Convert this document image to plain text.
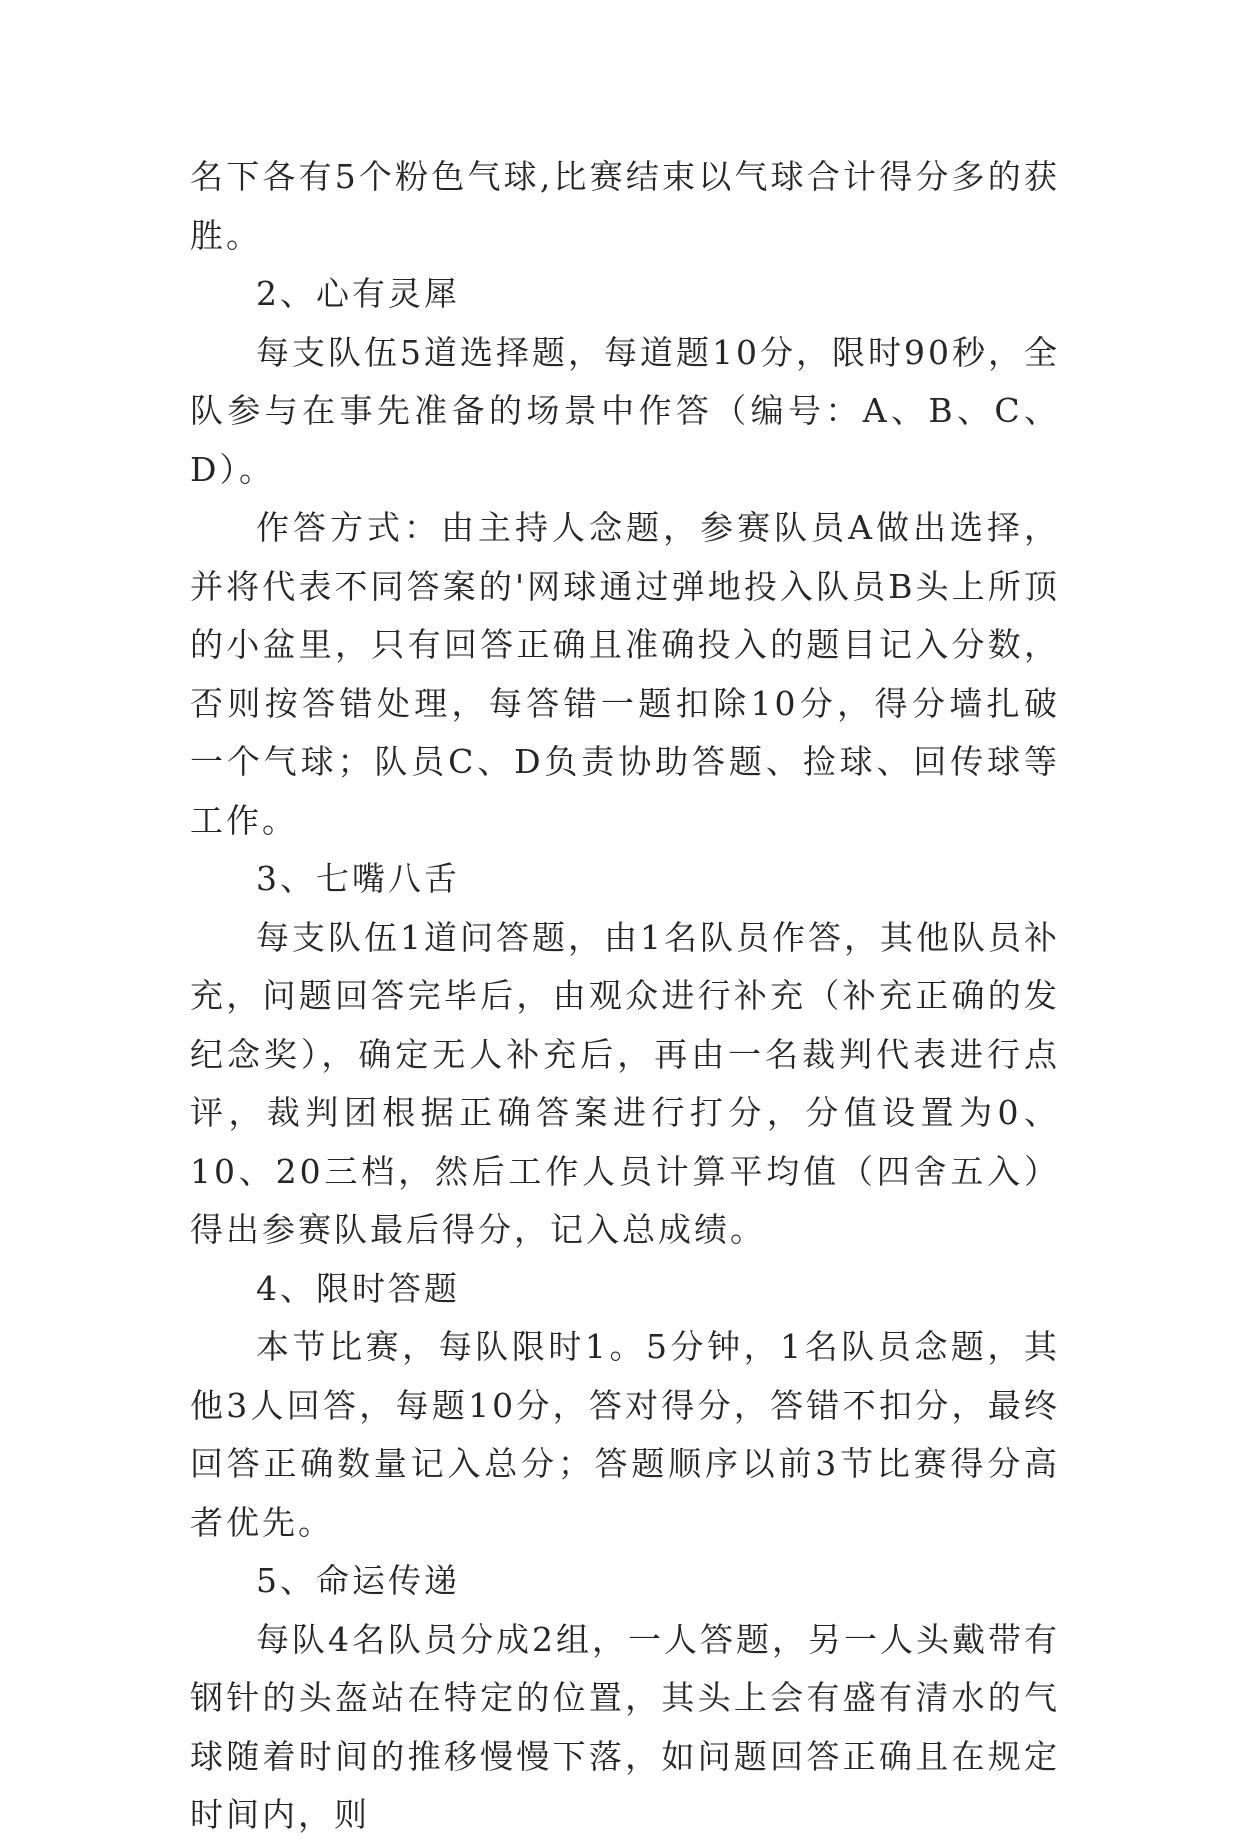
名下各有5个粉色气球,比赛结束以气球合计得分多的获胜。

2、心有灵犀

每支队伍5道选择题，每道题10分，限时90秒，全队参与在事先准备的场景中作答（编号：A、B、C、D）。

作答方式：由主持人念题，参赛队员A做出选择，并将代表不同答案的'网球通过弹地投入队员B头上所顶的小盆里，只有回答正确且准确投入的题目记入分数，否则按答错处理，每答错一题扣除10分，得分墙扎破一个气球；队员C、D负责协助答题、捡球、回传球等工作。

3、七嘴八舌

每支队伍1道问答题，由1名队员作答，其他队员补充，问题回答完毕后，由观众进行补充（补充正确的发纪念奖），确定无人补充后，再由一名裁判代表进行点评，裁判团根据正确答案进行打分，分值设置为0、10、20三档，然后工作人员计算平均值（四舍五入）得出参赛队最后得分，记入总成绩。

4、限时答题

本节比赛，每队限时1。5分钟，1名队员念题，其他3人回答，每题10分，答对得分，答错不扣分，最终回答正确数量记入总分；答题顺序以前3节比赛得分高者优先。

5、命运传递

每队4名队员分成2组，一人答题，另一人头戴带有钢针的头盔站在特定的位置，其头上会有盛有清水的气球随着时间的推移慢慢下落，如问题回答正确且在规定时间内，则
